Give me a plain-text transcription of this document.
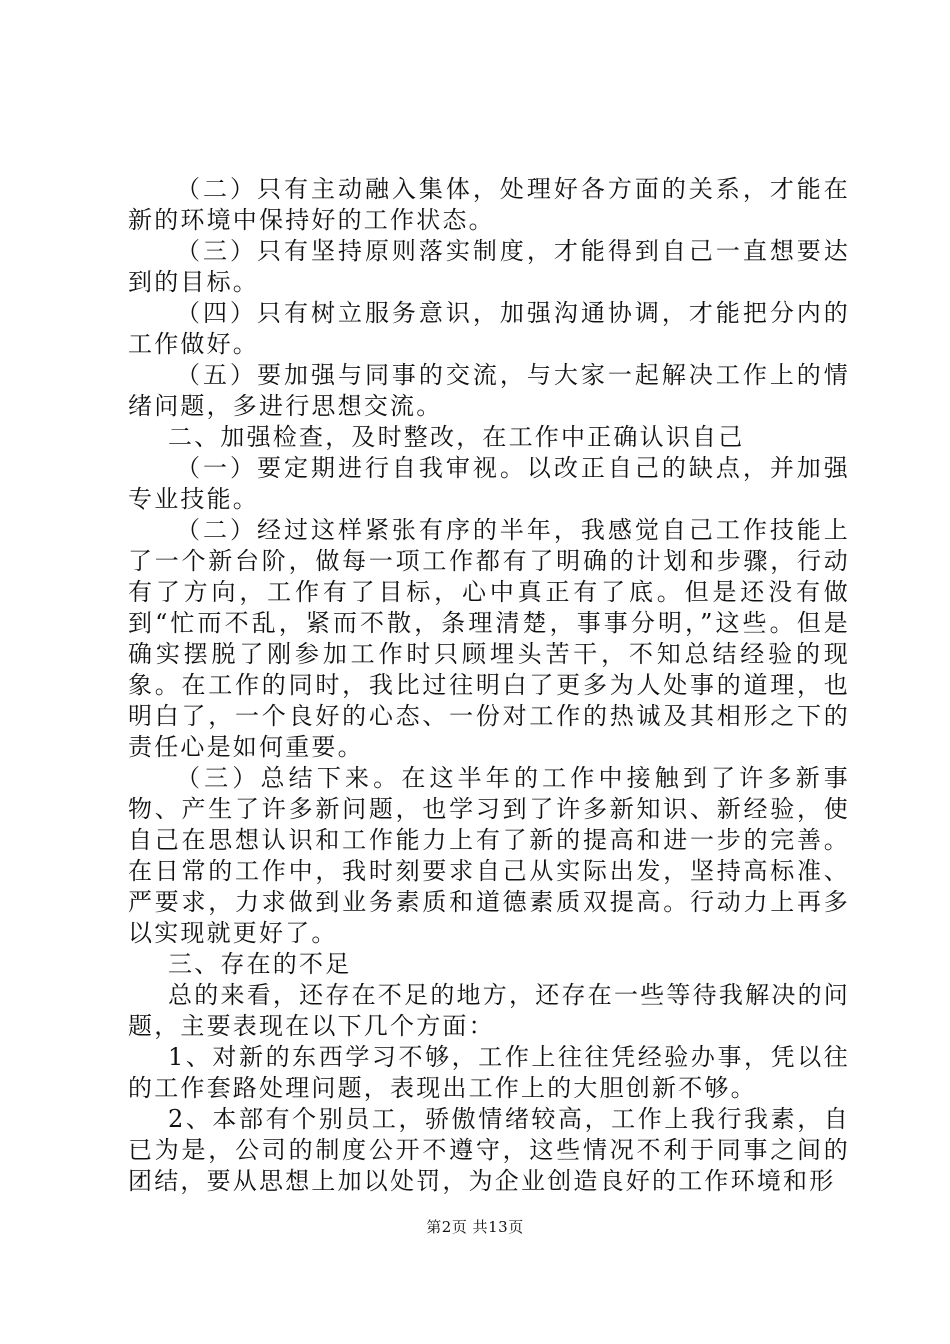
（二）只有主动融入集体，处理好各方面的关系，才能在新的环境中保持好的工作状态。

（三）只有坚持原则落实制度，才能得到自己一直想要达到的目标。

（四）只有树立服务意识，加强沟通协调，才能把分内的工作做好。

（五）要加强与同事的交流，与大家一起解决工作上的情绪问题，多进行思想交流。

二、加强检查，及时整改，在工作中正确认识自己

（一）要定期进行自我审视。以改正自己的缺点，并加强专业技能。

（二）经过这样紧张有序的半年，我感觉自己工作技能上了一个新台阶，做每一项工作都有了明确的计划和步骤，行动有了方向，工作有了目标，心中真正有了底。但是还没有做到“忙而不乱，紧而不散，条理清楚，事事分明，”这些。但是确实摆脱了刚参加工作时只顾埋头苦干，不知总结经验的现象。在工作的同时，我比过往明白了更多为人处事的道理，也明白了，一个良好的心态、一份对工作的热诚及其相形之下的责任心是如何重要。

（三）总结下来。在这半年的工作中接触到了许多新事物、产生了许多新问题，也学习到了许多新知识、新经验，使自己在思想认识和工作能力上有了新的提高和进一步的完善。在日常的工作中，我时刻要求自己从实际出发，坚持高标准、严要求，力求做到业务素质和道德素质双提高。行动力上再多以实现就更好了。

三、存在的不足

总的来看，还存在不足的地方，还存在一些等待我解决的问题，主要表现在以下几个方面：

1、对新的东西学习不够，工作上往往凭经验办事，凭以往的工作套路处理问题，表现出工作上的大胆创新不够。

2、本部有个别员工，骄傲情绪较高，工作上我行我素，自已为是，公司的制度公开不遵守，这些情况不利于同事之间的团结，要从思想上加以处罚，为企业创造良好的工作环境和形

第2页 共13页
